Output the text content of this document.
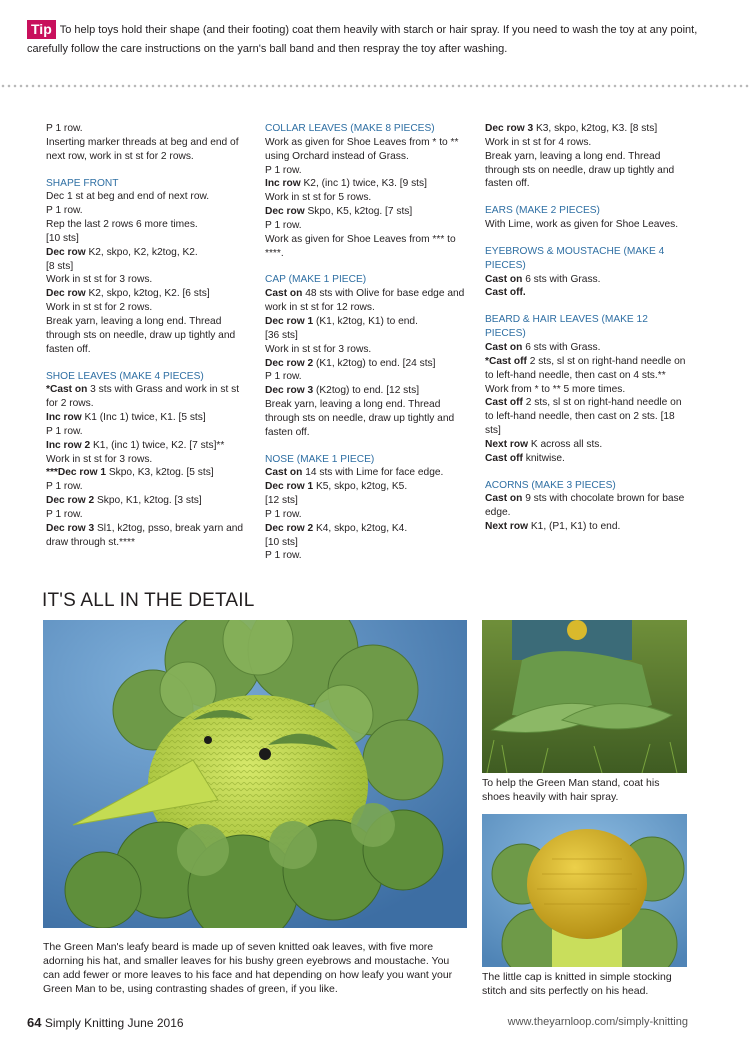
Tip To help toys hold their shape (and their footing) coat them heavily with starch or hair spray. If you need to wash the toy at any point, carefully follow the care instructions on the yarn's ball band and then respray the toy after washing.

P 1 row.

Inserting marker threads at beg and end of next row, work in st st for 2 rows.

SHAPE FRONT

Dec 1 st at beg and end of next row.

P 1 row.

Rep the last 2 rows 6 more times.

[10 sts]

Dec row K2, skpo, K2, k2tog, K2.

[8 sts]

Work in st st for 3 rows.

Dec row K2, skpo, k2tog, K2. [6 sts]

Work in st st for 2 rows.

Break yarn, leaving a long end. Thread through sts on needle, draw up tightly and fasten off.

SHOE LEAVES (MAKE 4 PIECES)

*Cast on 3 sts with Grass and work in st st for 2 rows.

Inc row K1 (Inc 1) twice, K1. [5 sts]

P 1 row.

Inc row 2 K1, (inc 1) twice, K2. [7 sts]**

Work in st st for 3 rows.

***Dec row 1 Skpo, K3, k2tog. [5 sts]

P 1 row.

Dec row 2 Skpo, K1, k2tog. [3 sts]

P 1 row.

Dec row 3 Sl1, k2tog, psso, break yarn and draw through st.****

COLLAR LEAVES (MAKE 8 PIECES)

Work as given for Shoe Leaves from * to ** using Orchard instead of Grass.

P 1 row.

Inc row K2, (inc 1) twice, K3. [9 sts]

Work in st st for 5 rows.

Dec row Skpo, K5, k2tog. [7 sts]

P 1 row.

Work as given for Shoe Leaves from *** to ****.

CAP (MAKE 1 PIECE)

Cast on 48 sts with Olive for base edge and work in st st for 12 rows.

Dec row 1 (K1, k2tog, K1) to end.

[36 sts]

Work in st st for 3 rows.

Dec row 2 (K1, k2tog) to end. [24 sts]

P 1 row.

Dec row 3 (K2tog) to end. [12 sts]

Break yarn, leaving a long end. Thread through sts on needle, draw up tightly and fasten off.

NOSE (MAKE 1 PIECE)

Cast on 14 sts with Lime for face edge.

Dec row 1 K5, skpo, k2tog, K5.

[12 sts]

P 1 row.

Dec row 2 K4, skpo, k2tog, K4.

[10 sts]

P 1 row.

Dec row 3 K3, skpo, k2tog, K3. [8 sts]

Work in st st for 4 rows.

Break yarn, leaving a long end. Thread through sts on needle, draw up tightly and fasten off.

EARS (MAKE 2 PIECES)

With Lime, work as given for Shoe Leaves.

EYEBROWS & MOUSTACHE (MAKE 4 PIECES)

Cast on 6 sts with Grass.

Cast off.

BEARD & HAIR LEAVES (MAKE 12 PIECES)

Cast on 6 sts with Grass.

*Cast off 2 sts, sl st on right-hand needle on to left-hand needle, then cast on 4 sts.**

Work from * to ** 5 more times.

Cast off 2 sts, sl st on right-hand needle on to left-hand needle, then cast on 2 sts. [18 sts]

Next row K across all sts.

Cast off knitwise.

ACORNS (MAKE 3 PIECES)

Cast on 9 sts with chocolate brown for base edge.

Next row K1, (P1, K1) to end.

IT'S ALL IN THE DETAIL
To help the Green Man stand, coat his shoes heavily with hair spray.
The little cap is knitted in simple stocking stitch and sits perfectly on his head.
The Green Man's leafy beard is made up of seven knitted oak leaves, with five more adorning his hat, and smaller leaves for his bushy green eyebrows and moustache. You can add fewer or more leaves to his face and hat depending on how leafy you want your Green Man to be, using contrasting shades of green, if you like.
64 Simply Knitting June 2016	www.theyarnloop.com/simply-knitting
